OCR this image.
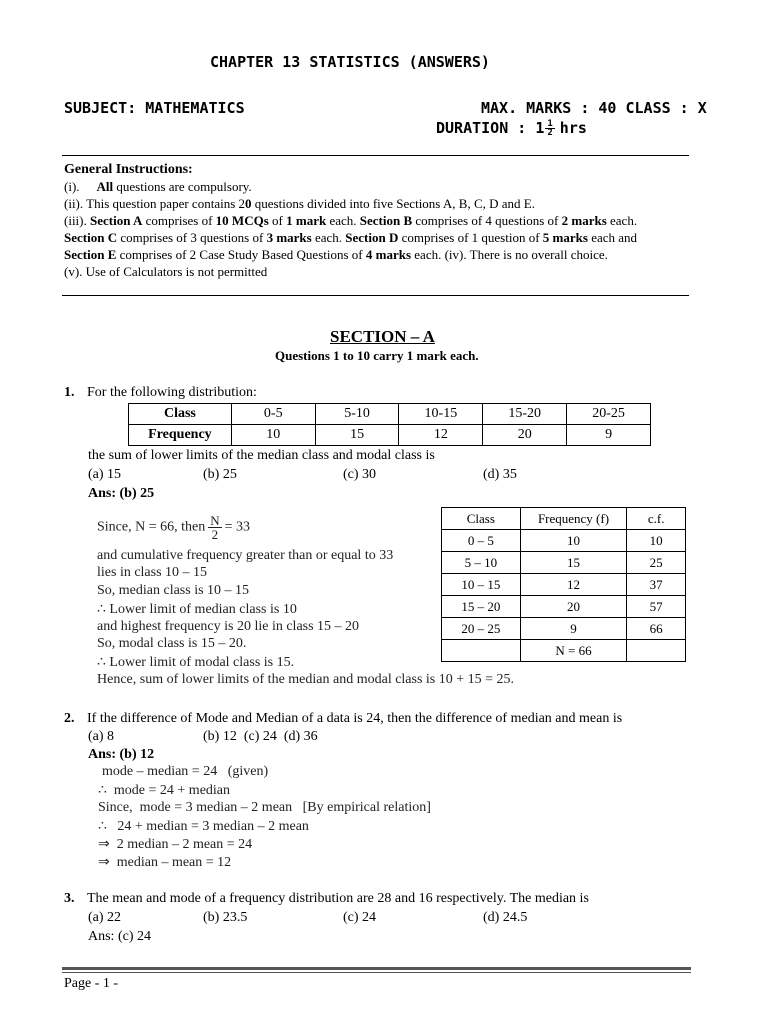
CHAPTER 13 STATISTICS (ANSWERS)
SUBJECT: MATHEMATICS	MAX. MARKS : 40 CLASS : X
DURATION : $1 \frac{1}{2}$ hrs
General Instructions:
(i). All questions are compulsory.
(ii). This question paper contains 20 questions divided into five Sections A, B, C, D and E.
(iii). Section A comprises of 10 MCQs of 1 mark each. Section B comprises of 4 questions of 2 marks each.
Section C comprises of 3 questions of 3 marks each. Section D comprises of 1 question of 5 marks each and
Section E comprises of 2 Case Study Based Questions of 4 marks each. (iv). There is no overall choice.
(v). Use of Calculators is not permitted
SECTION – A
Questions 1 to 10 carry 1 mark each.
1. For the following distribution:
Class	0-5	5-10	10-15	15-20	20-25
Frequency	10	15	12	20	9
the sum of lower limits of the median class and modal class is
(a) 15	(b) 25	(c) 30	(d) 35
Ans: (b) 25
Since, N = 66, then $\frac{N}{2} = 33$
and cumulative frequency greater than or equal to 33
lies in class 10 – 15
So, median class is 10 – 15
∴ Lower limit of median class is 10
and highest frequency is 20 lie in class 15 – 20
So, modal class is 15 – 20.
∴ Lower limit of modal class is 15.
Hence, sum of lower limits of the median and modal class is 10 + 15 = 25.
Class	Frequency (f)	c.f.
0 – 5	10	10
5 – 10	15	25
10 – 15	12	37
15 – 20	20	57
20 – 25	9	66
	N = 66	
2. If the difference of Mode and Median of a data is 24, then the difference of median and mean is
(a) 8	(b) 12  (c) 24  (d) 36
Ans: (b) 12
mode – median = 24   (given)
∴  mode = 24 + median
Since,  mode = 3 median – 2 mean   [By empirical relation]
∴   24 + median = 3 median – 2 mean
⇒  2 median – 2 mean = 24
⇒  median – mean = 12
3. The mean and mode of a frequency distribution are 28 and 16 respectively. The median is
(a) 22	(b) 23.5	(c) 24	(d) 24.5
Ans: (c) 24
Page - 1 -
